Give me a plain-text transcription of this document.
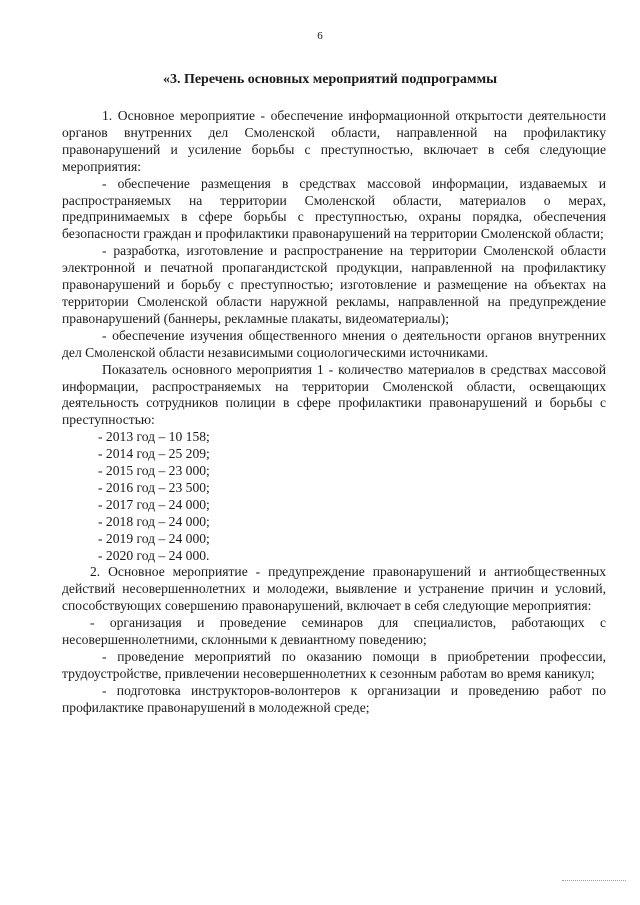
6
«3. Перечень основных мероприятий подпрограммы

1. Основное мероприятие - обеспечение информационной открытости деятельности органов внутренних дел Смоленской области, направленной на профилактику правонарушений и усиление борьбы с преступностью, включает в себя следующие мероприятия:

- обеспечение размещения в средствах массовой информации, издаваемых и распространяемых на территории Смоленской области, материалов о мерах, предпринимаемых в сфере борьбы с преступностью, охраны порядка, обеспечения безопасности граждан и профилактики правонарушений на территории Смоленской области;

- разработка, изготовление и распространение на территории Смоленской области электронной и печатной пропагандистской продукции, направленной на профилактику правонарушений и борьбу с преступностью; изготовление и размещение на объектах на территории Смоленской области наружной рекламы, направленной на предупреждение правонарушений (баннеры, рекламные плакаты, видеоматериалы);

- обеспечение изучения общественного мнения о деятельности органов внутренних дел Смоленской области независимыми социологическими источниками.

Показатель основного мероприятия 1 - количество материалов в средствах массовой информации, распространяемых на территории Смоленской области, освещающих деятельность сотрудников полиции в сфере профилактики правонарушений и борьбы с преступностью:

- 2013 год – 10 158;

- 2014 год – 25 209;

- 2015 год – 23 000;

- 2016 год – 23 500;

- 2017 год – 24 000;

- 2018 год – 24 000;

- 2019 год – 24 000;

- 2020 год – 24 000.

2. Основное мероприятие - предупреждение правонарушений и антиобщественных действий несовершеннолетних и молодежи, выявление и устранение причин и условий, способствующих совершению правонарушений, включает в себя следующие мероприятия:

- организация и проведение семинаров для специалистов, работающих с несовершеннолетними, склонными к девиантному поведению;

- проведение мероприятий по оказанию помощи в приобретении профессии, трудоустройстве, привлечении несовершеннолетних к сезонным работам во время каникул;

- подготовка инструкторов-волонтеров к организации и проведению работ по профилактике правонарушений в молодежной среде;
